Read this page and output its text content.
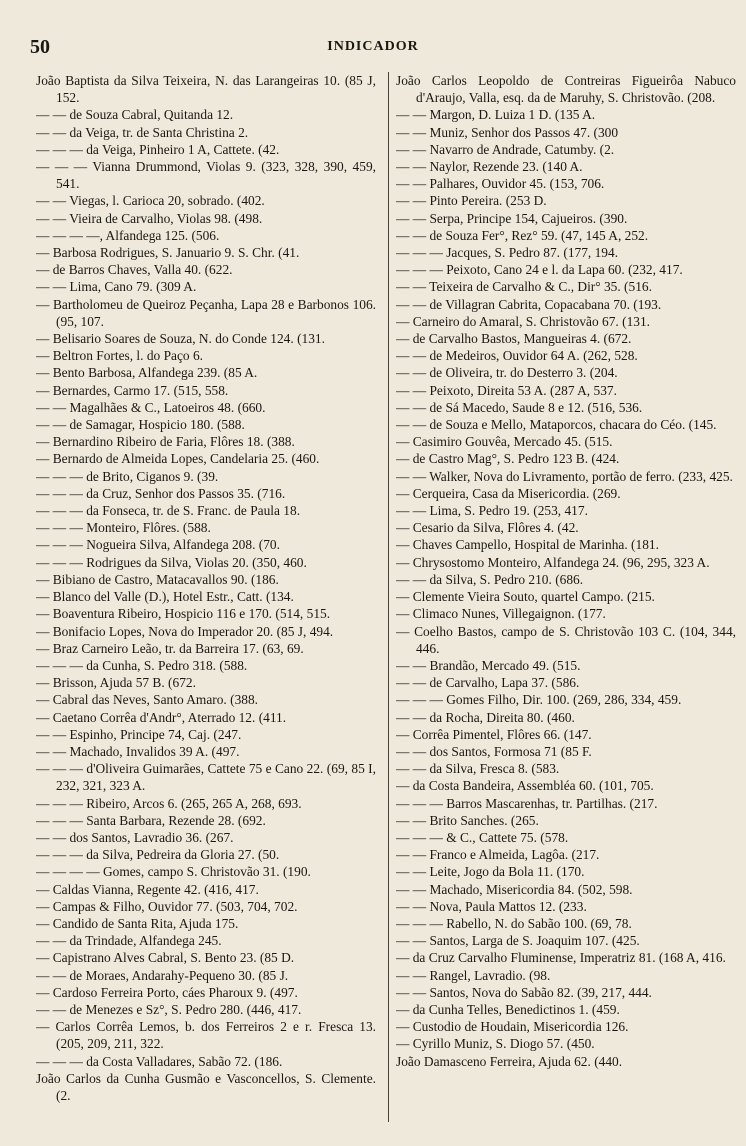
50	INDICADOR

João Baptista da Silva Teixeira, N. das Larangeiras 10. (85 J, 152.

— — de Souza Cabral, Quitanda 12.

— — da Veiga, tr. de Santa Christina 2.

— — — da Veiga, Pinheiro 1 A, Cattete. (42.

— — — Vianna Drummond, Violas 9. (323, 328, 390, 459, 541.

— — Viegas, l. Carioca 20, sobrado. (402.

— — Vieira de Carvalho, Violas 98. (498.

— — — —, Alfandega 125. (506.

— Barbosa Rodrigues, S. Januario 9. S. Chr. (41.

— de Barros Chaves, Valla 40. (622.

— — Lima, Cano 79. (309 A.

— Bartholomeu de Queiroz Peçanha, Lapa 28 e Barbonos 106. (95, 107.

— Belisario Soares de Souza, N. do Conde 124. (131.

— Beltron Fortes, l. do Paço 6.

— Bento Barbosa, Alfandega 239. (85 A.

— Bernardes, Carmo 17. (515, 558.

— — Magalhães & C., Latoeiros 48. (660.

— — de Samagar, Hospicio 180. (588.

— Bernardino Ribeiro de Faria, Flôres 18. (388.

— Bernardo de Almeida Lopes, Candelaria 25. (460.

— — — de Brito, Ciganos 9. (39.

— — — da Cruz, Senhor dos Passos 35. (716.

— — — da Fonseca, tr. de S. Franc. de Paula 18.

— — — Monteiro, Flôres. (588.

— — — Nogueira Silva, Alfandega 208. (70.

— — — Rodrigues da Silva, Violas 20. (350, 460.

— Bibiano de Castro, Matacavallos 90. (186.

— Blanco del Valle (D.), Hotel Estr., Catt. (134.

— Boaventura Ribeiro, Hospicio 116 e 170. (514, 515.

— Bonifacio Lopes, Nova do Imperador 20. (85 J, 494.

— Braz Carneiro Leão, tr. da Barreira 17. (63, 69.

— — — da Cunha, S. Pedro 318. (588.

— Brisson, Ajuda 57 B. (672.

— Cabral das Neves, Santo Amaro. (388.

— Caetano Corrêa d'Andr°, Aterrado 12. (411.

— — Espinho, Principe 74, Caj. (247.

— — Machado, Invalidos 39 A. (497.

— — — d'Oliveira Guimarães, Cattete 75 e Cano 22. (69, 85 I, 232, 321, 323 A.

— — — Ribeiro, Arcos 6. (265, 265 A, 268, 693.

— — — Santa Barbara, Rezende 28. (692.

— — dos Santos, Lavradio 36. (267.

— — — da Silva, Pedreira da Gloria 27. (50.

— — — — Gomes, campo S. Christovão 31. (190.

— Caldas Vianna, Regente 42. (416, 417.

— Campas & Filho, Ouvidor 77. (503, 704, 702.

— Candido de Santa Rita, Ajuda 175.

— — da Trindade, Alfandega 245.

— Capistrano Alves Cabral, S. Bento 23. (85 D.

— — de Moraes, Andarahy-Pequeno 30. (85 J.

— Cardoso Ferreira Porto, cáes Pharoux 9. (497.

— — de Menezes e Sz°, S. Pedro 280. (446, 417.

— Carlos Corrêa Lemos, b. dos Ferreiros 2 e r. Fresca 13. (205, 209, 211, 322.

— — — da Costa Valladares, Sabão 72. (186.

João Carlos da Cunha Gusmão e Vasconcellos, S. Clemente. (2.

João Carlos Leopoldo de Contreiras Figueirôa Nabuco d'Araujo, Valla, esq. da de Maruhy, S. Christovão. (208.

— — Margon, D. Luiza 1 D. (135 A.

— — Muniz, Senhor dos Passos 47. (300

— — Navarro de Andrade, Catumby. (2.

— — Naylor, Rezende 23. (140 A.

— — Palhares, Ouvidor 45. (153, 706.

— — Pinto Pereira. (253 D.

— — Serpa, Principe 154, Cajueiros. (390.

— — de Souza Fer°, Rez° 59. (47, 145 A, 252.

— — — Jacques, S. Pedro 87. (177, 194.

— — — Peixoto, Cano 24 e l. da Lapa 60. (232, 417.

— — Teixeira de Carvalho & C., Dir° 35. (516.

— — de Villagran Cabrita, Copacabana 70. (193.

— Carneiro do Amaral, S. Christovão 67. (131.

— de Carvalho Bastos, Mangueiras 4. (672.

— — de Medeiros, Ouvidor 64 A. (262, 528.

— — de Oliveira, tr. do Desterro 3. (204.

— — Peixoto, Direita 53 A. (287 A, 537.

— — de Sá Macedo, Saude 8 e 12. (516, 536.

— — de Souza e Mello, Mataporcos, chacara do Céo. (145.

— Casimiro Gouvêa, Mercado 45. (515.

— de Castro Mag°, S. Pedro 123 B. (424.

— — Walker, Nova do Livramento, portão de ferro. (233, 425.

— Cerqueira, Casa da Misericordia. (269.

— — Lima, S. Pedro 19. (253, 417.

— Cesario da Silva, Flôres 4. (42.

— Chaves Campello, Hospital de Marinha. (181.

— Chrysostomo Monteiro, Alfandega 24. (96, 295, 323 A.

— — da Silva, S. Pedro 210. (686.

— Clemente Vieira Souto, quartel Campo. (215.

— Climaco Nunes, Villegaignon. (177.

— Coelho Bastos, campo de S. Christovão 103 C. (104, 344, 446.

— — Brandão, Mercado 49. (515.

— — de Carvalho, Lapa 37. (586.

— — — Gomes Filho, Dir. 100. (269, 286, 334, 459.

— — da Rocha, Direita 80. (460.

— Corrêa Pimentel, Flôres 66. (147.

— — dos Santos, Formosa 71 (85 F.

— — da Silva, Fresca 8. (583.

— da Costa Bandeira, Assembléa 60. (101, 705.

— — — Barros Mascarenhas, tr. Partilhas. (217.

— — Brito Sanches. (265.

— — — & C., Cattete 75. (578.

— — Franco e Almeida, Lagôa. (217.

— — Leite, Jogo da Bola 11. (170.

— — Machado, Misericordia 84. (502, 598.

— — Nova, Paula Mattos 12. (233.

— — — Rabello, N. do Sabão 100. (69, 78.

— — Santos, Larga de S. Joaquim 107. (425.

— da Cruz Carvalho Fluminense, Imperatriz 81. (168 A, 416.

— — Rangel, Lavradio. (98.

— — Santos, Nova do Sabão 82. (39, 217, 444.

— da Cunha Telles, Benedictinos 1. (459.

— Custodio de Houdain, Misericordia 126.

— Cyrillo Muniz, S. Diogo 57. (450.

João Damasceno Ferreira, Ajuda 62. (440.
